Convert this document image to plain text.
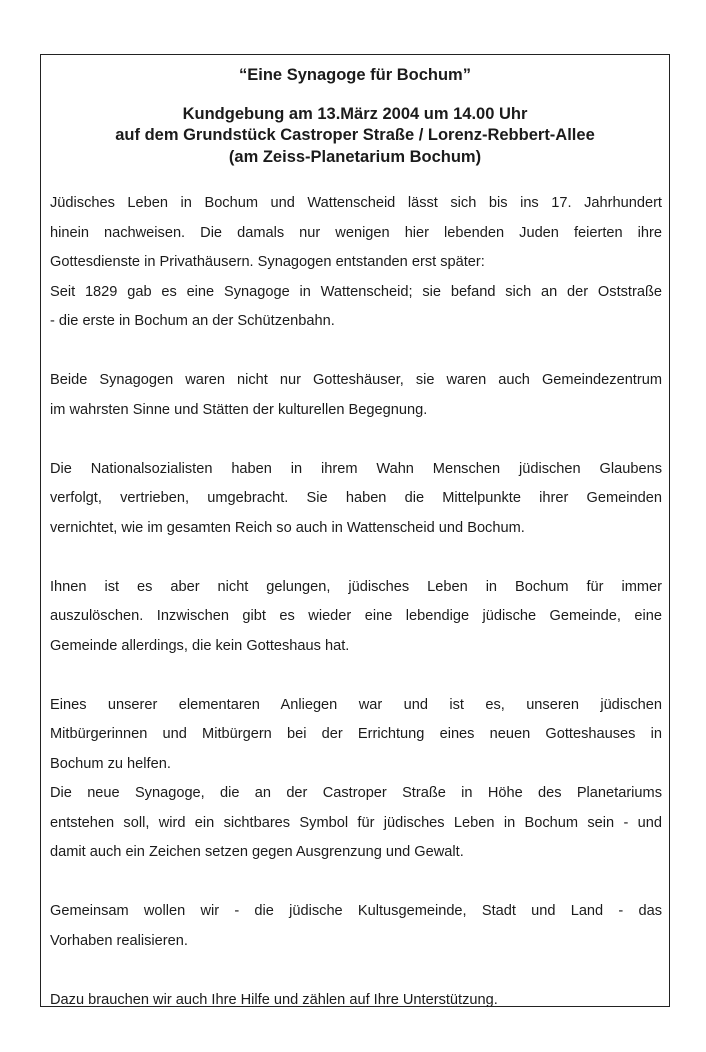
“Eine Synagoge für Bochum”
Kundgebung am 13.März 2004 um 14.00 Uhr
auf dem Grundstück Castroper Straße / Lorenz-Rebbert-Allee
(am Zeiss-Planetarium Bochum)

Jüdisches Leben in Bochum und Wattenscheid lässt sich bis ins 17. Jahrhundert
hinein nachweisen. Die damals nur wenigen hier lebenden Juden feierten ihre
Gottesdienste in Privathäusern. Synagogen entstanden erst später:

Seit 1829 gab es eine Synagoge in Wattenscheid; sie befand sich an der Oststraße
- die erste in Bochum an der Schützenbahn.

Beide Synagogen waren nicht nur Gotteshäuser, sie waren auch Gemeindezentrum
im wahrsten Sinne und Stätten der kulturellen Begegnung.

Die Nationalsozialisten haben in ihrem Wahn Menschen jüdischen Glaubens
verfolgt, vertrieben, umgebracht. Sie haben die Mittelpunkte ihrer Gemeinden
vernichtet, wie im gesamten Reich so auch in Wattenscheid und Bochum.

Ihnen ist es aber nicht gelungen, jüdisches Leben in Bochum für immer
auszulöschen. Inzwischen gibt es wieder eine lebendige jüdische Gemeinde, eine
Gemeinde allerdings, die kein Gotteshaus hat.

Eines unserer elementaren Anliegen war und ist es, unseren jüdischen
Mitbürgerinnen und Mitbürgern bei der Errichtung eines neuen Gotteshauses in
Bochum zu helfen.

Die neue Synagoge, die an der Castroper Straße in Höhe des Planetariums
entstehen soll, wird ein sichtbares Symbol für jüdisches Leben in Bochum sein - und
damit auch ein Zeichen setzen gegen Ausgrenzung und Gewalt.

Gemeinsam wollen wir - die jüdische Kultusgemeinde, Stadt und Land - das
Vorhaben realisieren.

Dazu brauchen wir auch Ihre Hilfe und zählen auf Ihre Unterstützung.
